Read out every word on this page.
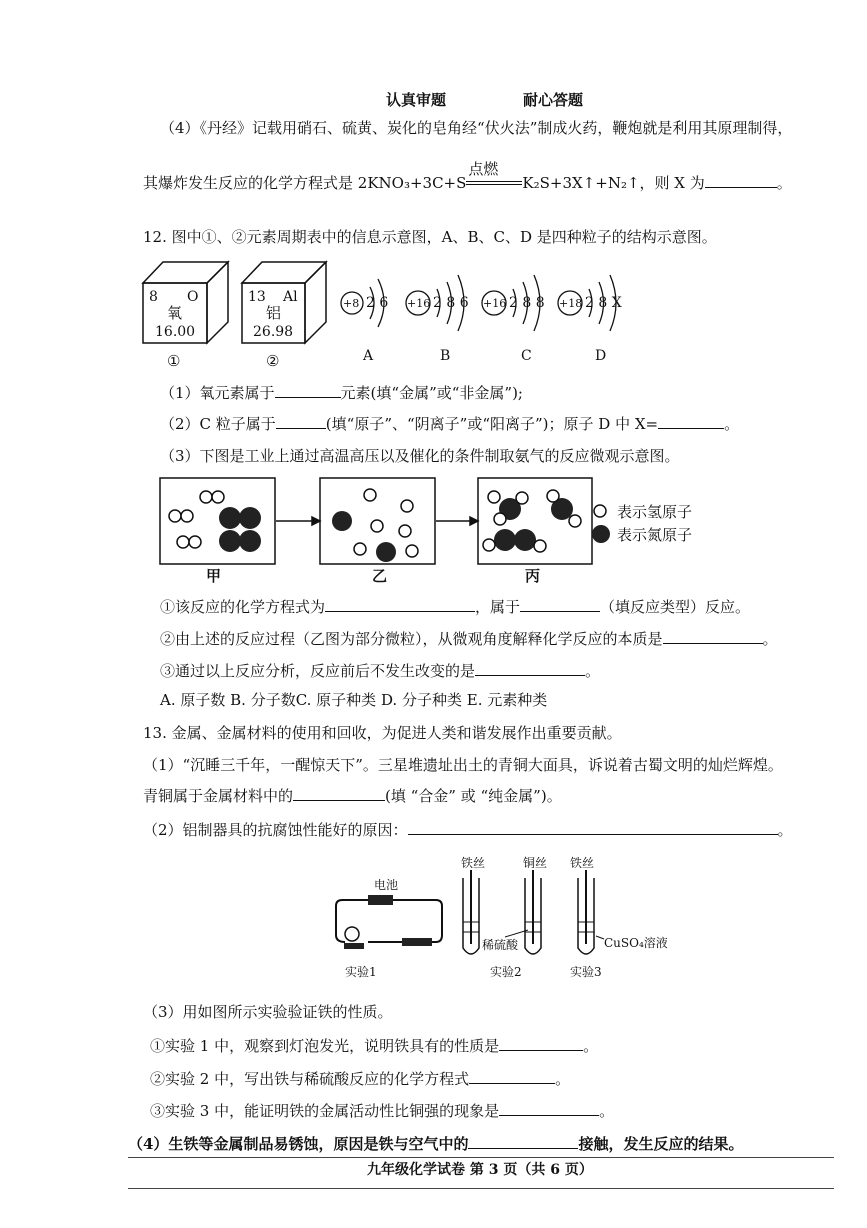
认真审题	耐心答题
（4）《丹经》记载用硝石、硫黄、炭化的皂角经“伏火法”制成火药，鞭炮就是利用其原理制得，
其爆炸发生反应的化学方程式是 2KNO₃+3C+S
点燃
K₂S+3X↑+N₂↑，则 X 为	。
12. 图中①、②元素周期表中的信息示意图，A、B、C、D 是四种粒子的结构示意图。
8 O
氧
16.00
①
13 Al
铝
26.98
②
+8 2 6
A
+16 2 8 6
B
+16 2 8 8
C
+18 2 8 X
D
（1）氧元素属于	元素(填“金属”或“非金属”);
（2）C 粒子属于	(填“原子”、“阴离子”或“阳离子”)；原子 D 中 X=	。
（3）下图是工业上通过高温高压以及催化的条件制取氨气的反应微观示意图。
表示氢原子
表示氮原子
甲	乙	丙
①该反应的化学方程式为	，属于	（填反应类型）反应。
②由上述的反应过程（乙图为部分微粒），从微观角度解释化学反应的本质是	。
③通过以上反应分析，反应前后不发生改变的是	。
A. 原子数 B. 分子数C. 原子种类 D. 分子种类 E. 元素种类
13. 金属、金属材料的使用和回收，为促进人类和谐发展作出重要贡献。
（1）“沉睡三千年，一醒惊天下”。三星堆遗址出土的青铜大面具，诉说着古蜀文明的灿烂辉煌。
青铜属于金属材料中的	(填 “合金” 或 “纯金属”)。
（2）铝制器具的抗腐蚀性能好的原因：	。
电池
铁丝	铜丝 铁丝
稀硫酸	CuSO₄溶液
实验1	实验2	实验3
（3）用如图所示实验验证铁的性质。
①实验 1 中，观察到灯泡发光，说明铁具有的性质是	。
②实验 2 中，写出铁与稀硫酸反应的化学方程式	。
③实验 3 中，能证明铁的金属活动性比铜强的现象是	。
（4）生铁等金属制品易锈蚀，原因是铁与空气中的	接触，发生反应的结果。
九年级化学试卷 第 3 页（共 6 页）
